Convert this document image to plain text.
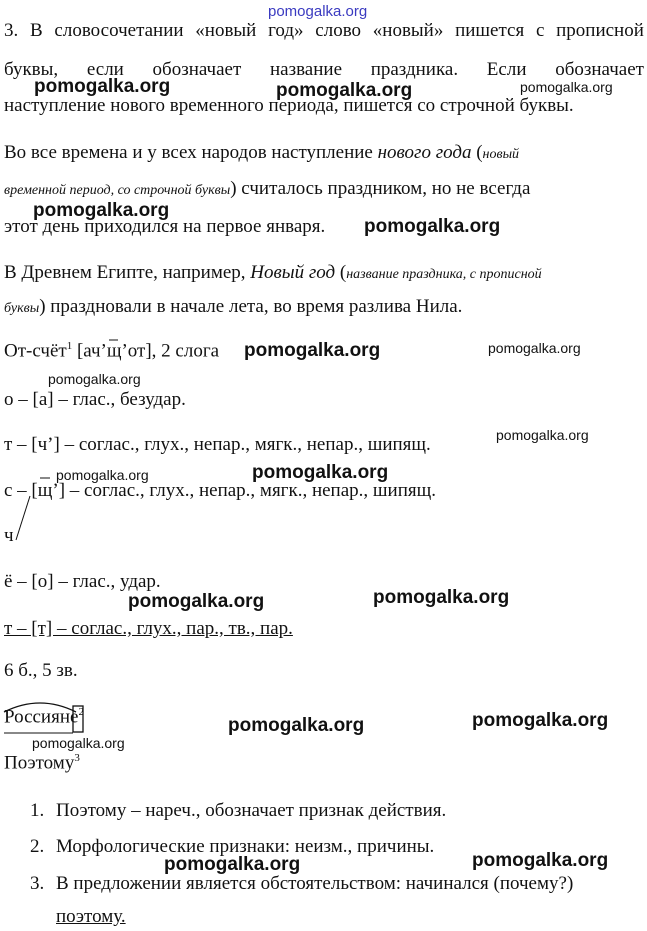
pomogalka.org
3. В словосочетании «новый год» слово «новый» пишется с прописной
буквы, если обозначает название праздника. Если обозначает
наступление нового временного периода, пишется со строчной буквы.
Во все времена и у всех народов наступление нового года (новый
временной период, со строчной буквы) считалось праздником, но не всегда
этот день приходился на первое января.
В Древнем Египте, например, Новый год (название праздника, с прописной
буквы) праздновали в начале лета, во время разлива Нила.
От-счёт$^1$ [ач’щ’от], 2 слога
о – [а] – глас., безудар.
т – [ч’] – соглас., глух., непар., мягк., непар., шипящ.
с – [щ’] – соглас., глух., непар., мягк., непар., шипящ.
ч
ё – [о] – глас., удар.
т – [т] – соглас., глух., пар., тв., пар.
6 б., 5 зв.
Россияне$^2$
Поэтому$^3$
1. Поэтому – нареч., обозначает признак действия.
2. Морфологические признаки: неизм., причины.
3. В предложении является обстоятельством: начинался (почему?)
поэтому.
pomogalka.org	pomogalka.org	pomogalka.org
pomogalka.org
pomogalka.org
pomogalka.org	pomogalka.org
pomogalka.org
pomogalka.org
pomogalka.org	pomogalka.org
pomogalka.org	pomogalka.org
pomogalka.org	pomogalka.org
pomogalka.org
pomogalka.org	pomogalka.org
